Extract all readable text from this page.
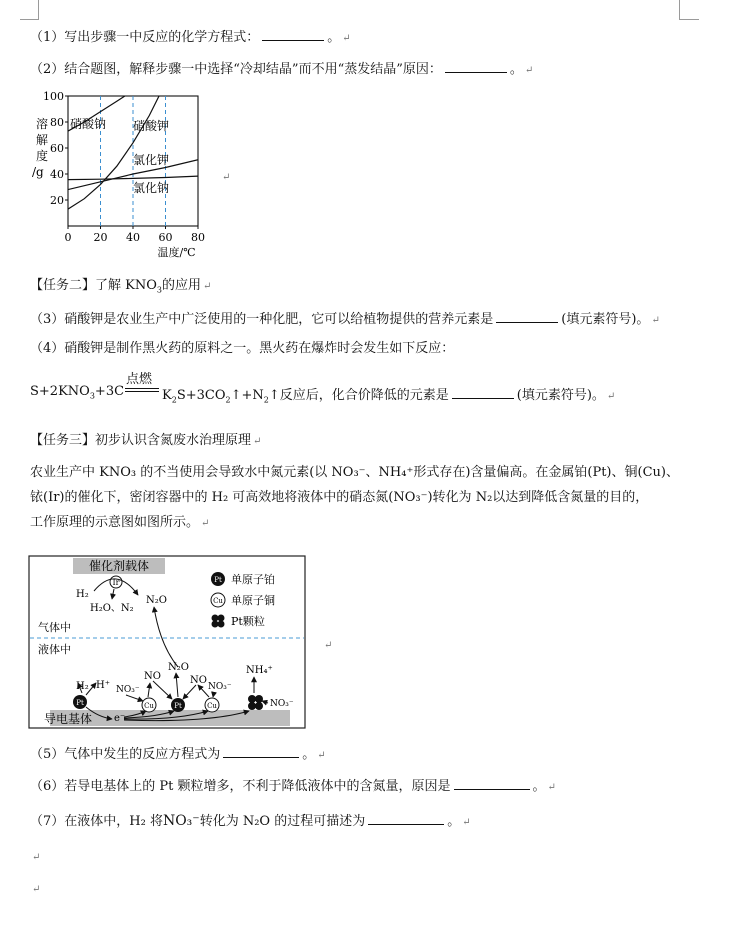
（1）写出步骤一中反应的化学方程式：	。 ↵
（2）结合题图，解释步骤一中选择“冷却结晶”而不用“蒸发结晶”原因：	。 ↵
0 20 40 60 80
20
40
60
80
100
溶
解
度
/g
温度/℃
硝酸钠 硝酸钾
氯化钾
氯化钠
↵
【任务二】了解 $KNO_3$的应用 ↵
（3）硝酸钾是农业生产中广泛使用的一种化肥，它可以给植物提供的营养元素是	(填元素符号)。 ↵
（4）硝酸钾是制作黑火药的原料之一。黑火药在爆炸时会发生如下反应：
$S+2KNO_3+3C$
点燃
$K_2S+3CO_2↑+N_2↑$反应后，化合价降低的元素是	(填元素符号)。 ↵
【任务三】初步认识含氮废水治理原理 ↵
农业生产中 KNO₃ 的不当使用会导致水中氮元素(以 NO₃⁻、NH₄⁺形式存在)含量偏高。在金属铂(Pt)、铜(Cu)、
铱(Ir)的催化下，密闭容器中的 H₂ 可高效地将液体中的硝态氮(NO₃⁻)转化为 N₂以达到降低含氮量的目的，
工作原理的示意图如图所示。 ↵
催化剂载体
气体中
液体中
导电基体
Ir
H₂
H₂O、N₂
N₂O
Pt 单原子铂
Cu 单原子铜
Pt颗粒
H₂ H⁺ NO₃⁻
NO
N₂O
NO
NO₃⁻
NH₄⁺
NO₃⁻
Pt	Cu	Pt	Cu
e⁻
↵
（5）气体中发生的反应方程式为	。 ↵
（6）若导电基体上的 Pt 颗粒增多，不利于降低液体中的含氮量，原因是	。 ↵
（7）在液体中，H₂ 将NO₃⁻转化为 N₂O 的过程可描述为	。 ↵
↵
↵
